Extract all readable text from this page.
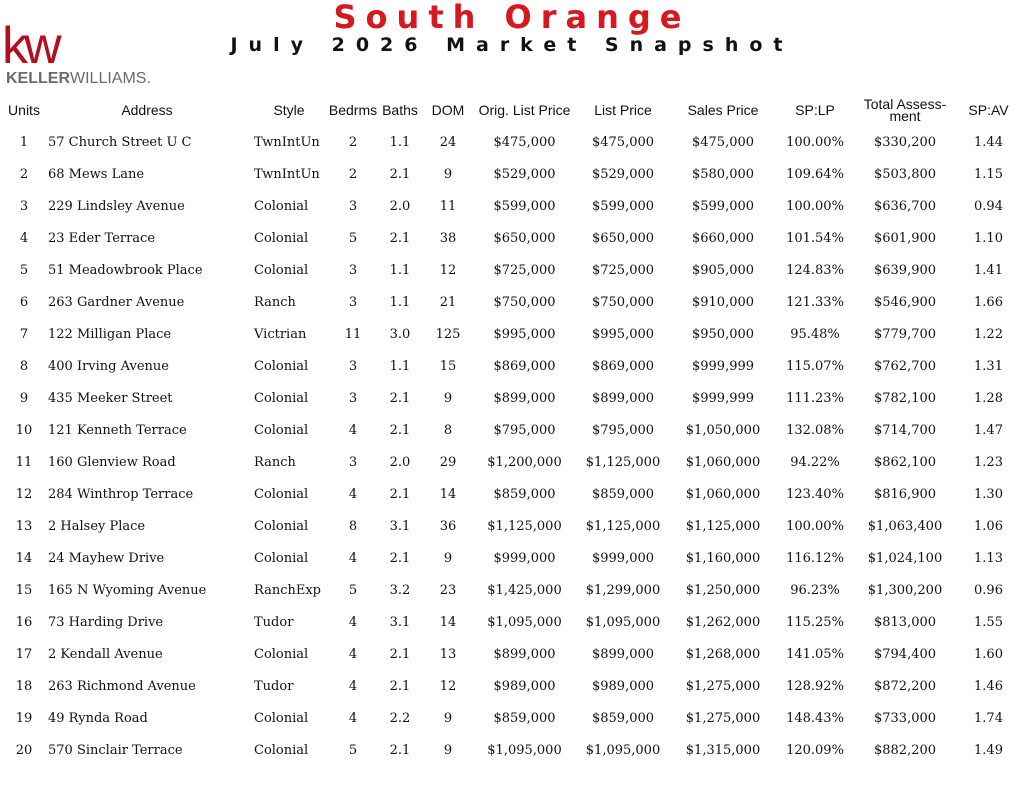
kw
KELLERWILLIAMS.
South Orange
July 2026 Market Snapshot
Units	Address	Style	Bedrms	Baths	DOM	Orig. List Price	List Price	Sales Price	SP:LP	Total Assess-ment	SP:AV
1	57 Church Street U C	TwnIntUn	2	1.1	24	$475,000	$475,000	$475,000	100.00%	$330,200	1.44
2	68 Mews Lane	TwnIntUn	2	2.1	9	$529,000	$529,000	$580,000	109.64%	$503,800	1.15
3	229 Lindsley Avenue	Colonial	3	2.0	11	$599,000	$599,000	$599,000	100.00%	$636,700	0.94
4	23 Eder Terrace	Colonial	5	2.1	38	$650,000	$650,000	$660,000	101.54%	$601,900	1.10
5	51 Meadowbrook Place	Colonial	3	1.1	12	$725,000	$725,000	$905,000	124.83%	$639,900	1.41
6	263 Gardner Avenue	Ranch	3	1.1	21	$750,000	$750,000	$910,000	121.33%	$546,900	1.66
7	122 Milligan Place	Victrian	11	3.0	125	$995,000	$995,000	$950,000	95.48%	$779,700	1.22
8	400 Irving Avenue	Colonial	3	1.1	15	$869,000	$869,000	$999,999	115.07%	$762,700	1.31
9	435 Meeker Street	Colonial	3	2.1	9	$899,000	$899,000	$999,999	111.23%	$782,100	1.28
10	121 Kenneth Terrace	Colonial	4	2.1	8	$795,000	$795,000	$1,050,000	132.08%	$714,700	1.47
11	160 Glenview Road	Ranch	3	2.0	29	$1,200,000	$1,125,000	$1,060,000	94.22%	$862,100	1.23
12	284 Winthrop Terrace	Colonial	4	2.1	14	$859,000	$859,000	$1,060,000	123.40%	$816,900	1.30
13	2 Halsey Place	Colonial	8	3.1	36	$1,125,000	$1,125,000	$1,125,000	100.00%	$1,063,400	1.06
14	24 Mayhew Drive	Colonial	4	2.1	9	$999,000	$999,000	$1,160,000	116.12%	$1,024,100	1.13
15	165 N Wyoming Avenue	RanchExp	5	3.2	23	$1,425,000	$1,299,000	$1,250,000	96.23%	$1,300,200	0.96
16	73 Harding Drive	Tudor	4	3.1	14	$1,095,000	$1,095,000	$1,262,000	115.25%	$813,000	1.55
17	2 Kendall Avenue	Colonial	4	2.1	13	$899,000	$899,000	$1,268,000	141.05%	$794,400	1.60
18	263 Richmond Avenue	Tudor	4	2.1	12	$989,000	$989,000	$1,275,000	128.92%	$872,200	1.46
19	49 Rynda Road	Colonial	4	2.2	9	$859,000	$859,000	$1,275,000	148.43%	$733,000	1.74
20	570 Sinclair Terrace	Colonial	5	2.1	9	$1,095,000	$1,095,000	$1,315,000	120.09%	$882,200	1.49
